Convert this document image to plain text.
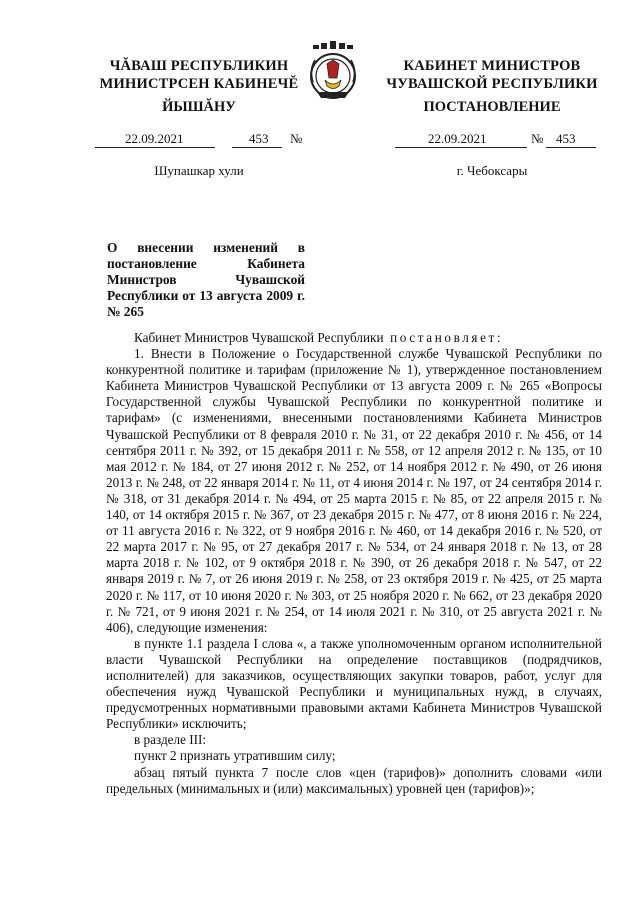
ЧĂВАШ РЕСПУБЛИКИН
МИНИСТРСЕН КАБИНЕЧĔ
ЙЫШĂНУ
КАБИНЕТ МИНИСТРОВ
ЧУВАШСКОЙ РЕСПУБЛИКИ
ПОСТАНОВЛЕНИЕ
22.09.2021	453 №	22.09.2021	№ 453
Шупашкар хули	г. Чебоксары
О внесении изменений в постановление Кабинета Министров Чувашской Республики от 13 августа 2009 г. № 265

Кабинет Министров Чувашской Республики постановляет:

1. Внести в Положение о Государственной службе Чувашской Республики по конкурентной политике и тарифам (приложение № 1), утвержденное постановлением Кабинета Министров Чувашской Республики от 13 августа 2009 г. № 265 «Вопросы Государственной службы Чувашской Республики по конкурентной политике и тарифам» (с изменениями, внесенными постановлениями Кабинета Министров Чувашской Республики от 8 февраля 2010 г. № 31, от 22 декабря 2010 г. № 456, от 14 сентября 2011 г. № 392, от 15 декабря 2011 г. № 558, от 12 апреля 2012 г. № 135, от 10 мая 2012 г. № 184, от 27 июня 2012 г. № 252, от 14 ноября 2012 г. № 490, от 26 июня 2013 г. № 248, от 22 января 2014 г. № 11, от 4 июня 2014 г. № 197, от 24 сентября 2014 г. № 318, от 31 декабря 2014 г. № 494, от 25 марта 2015 г. № 85, от 22 апреля 2015 г. № 140, от 14 октября 2015 г. № 367, от 23 декабря 2015 г. № 477, от 8 июня 2016 г. № 224, от 11 августа 2016 г. № 322, от 9 ноября 2016 г. № 460, от 14 декабря 2016 г. № 520, от 22 марта 2017 г. № 95, от 27 декабря 2017 г. № 534, от 24 января 2018 г. № 13, от 28 марта 2018 г. № 102, от 9 октября 2018 г. № 390, от 26 декабря 2018 г. № 547, от 22 января 2019 г. № 7, от 26 июня 2019 г. № 258, от 23 октября 2019 г. № 425, от 25 марта 2020 г. № 117, от 10 июня 2020 г. № 303, от 25 ноября 2020 г. № 662, от 23 декабря 2020 г. № 721, от 9 июня 2021 г. № 254, от 14 июля 2021 г. № 310, от 25 августа 2021 г. № 406), следующие изменения:

в пункте 1.1 раздела I слова «, а также уполномоченным органом исполнительной власти Чувашской Республики на определение поставщиков (подрядчиков, исполнителей) для заказчиков, осуществляющих закупки товаров, работ, услуг для обеспечения нужд Чувашской Республики и муниципальных нужд, в случаях, предусмотренных нормативными правовыми актами Кабинета Министров Чувашской Республики» исключить;

в разделе III:

пункт 2 признать утратившим силу;

абзац пятый пункта 7 после слов «цен (тарифов)» дополнить словами «или предельных (минимальных и (или) максимальных) уровней цен (тарифов)»;
